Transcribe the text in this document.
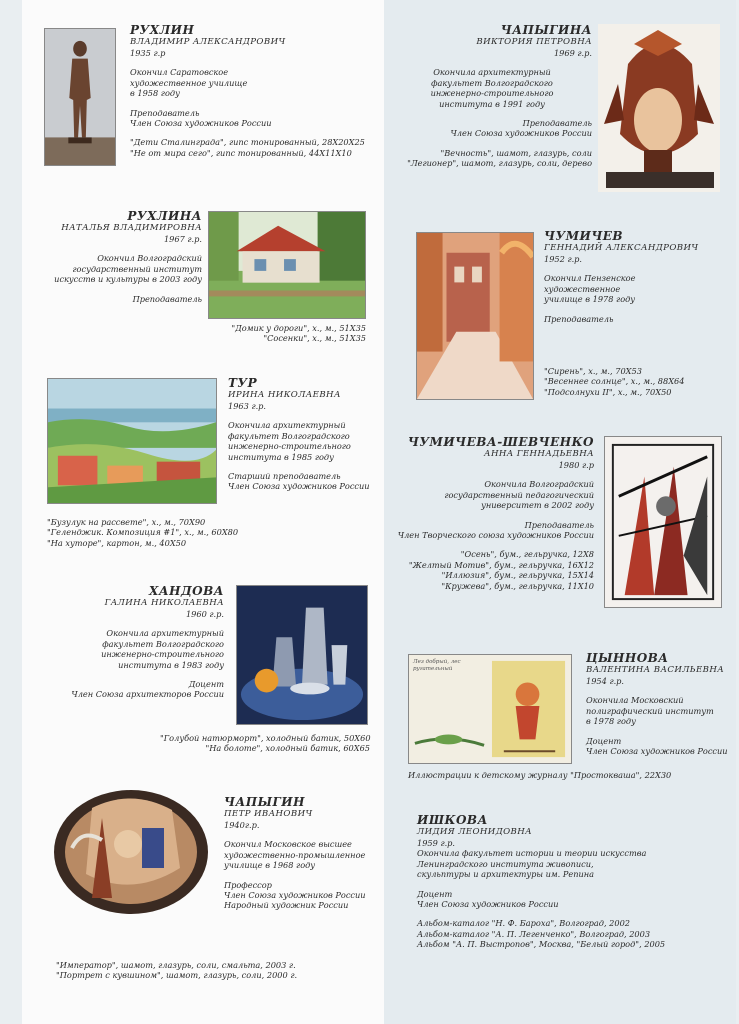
РУХЛИН
ВЛАДИМИР АЛЕКСАНДРОВИЧ
1935 г.р
Окончил Саратовское
художественное училище
в 1958 году
Преподаватель
Член Союза художников России
"Дети Сталинграда", гипс тонированный, 28Х20Х25
"Не от мира сего", гипс тонированный, 44Х11Х10
РУХЛИНА
НАТАЛЬЯ ВЛАДИМИРОВНА
1967 г.р.
Окончил Волгоградский
государственный институт
искусств и культуры в 2003 году
Преподаватель
"Домик у дороги", х., м., 51Х35
"Сосенки", х., м., 51Х35
ТУР
ИРИНА НИКОЛАЕВНА
1963 г.р.
Окончила архитектурный
факультет Волгоградского
инженерно-строительного
института в 1985 году
Старший преподаватель
Член Союза художников России
"Бузулук на рассвете", х., м., 70Х90
"Геленджик. Композиция #1", х., м., 60Х80
"На хуторе", картон, м., 40Х50
ХАНДОВА
ГАЛИНА НИКОЛАЕВНА
1960 г.р.
Окончила архитектурный
факультет Волгоградского
инженерно-строительного
института в 1983 году
Доцент
Член Союза архитекторов России
"Голубой натюрморт", холодный батик, 50Х60
"На болоте", холодный батик, 60Х65
ЧАПЫГИН
ПЕТР ИВАНОВИЧ
1940г.р.
Окончил Московское высшее
художественно-промышленное
училище в 1968 году
Профессор
Член Союза художников России
Народный художник России
"Император", шамот, глазурь, соли, смальта, 2003 г.
"Портрет с кувшином", шамот, глазурь, соли, 2000 г.
ЧАПЫГИНА
ВИКТОРИЯ ПЕТРОВНА
1969 г.р.
Окончила архитектурный
факультет Волгоградского
инженерно-строительного
института в 1991 году
Преподаватель
Член Союза художников России
"Вечность", шамот, глазурь, соли
"Легионер", шамот, глазурь, соли, дерево
ЧУМИЧЕВ
ГЕННАДИЙ АЛЕКСАНДРОВИЧ
1952 г.р.
Окончил Пензенское
художественное
училище в 1978 году
Преподаватель
"Сирень", х., м., 70Х53
"Весеннее солнце", х., м., 88Х64
"Подсолнухи II", х., м., 70Х50
ЧУМИЧЕВА-ШЕВЧЕНКО
АННА ГЕННАДЬЕВНА
1980 г.р
Окончила Волгоградский
государственный педагогический
университет в 2002 году
Преподаватель
Член Творческого союза художников России
"Осень", бум., гельручка, 12Х8
"Желтый Мотив", бум., гельручка, 16Х12
"Иллюзия", бум., гельручка, 15Х14
"Кружева", бум., гельручка, 11Х10
Лез добрый, лес ругательный
ЦЫННОВА
ВАЛЕНТИНА ВАСИЛЬЕВНА
1954 г.р.
Окончила Московский
полиграфический институт
в 1978 году
Доцент
Член Союза художников России
Иллюстрации к детскому журналу "Простокваша", 22Х30
ИШКОВА
ЛИДИЯ ЛЕОНИДОВНА
1959 г.р.
Окончила факультет истории и теории искусства
Ленинградского института живописи,
скульптуры и архитектуры им. Репина
Доцент
Член Союза художников России
Альбом-каталог "Н. Ф. Бароха", Волгоград, 2002
Альбом-каталог "А. П. Легенченко", Волгоград, 2003
Альбом "А. П. Выстропов", Москва, "Белый город", 2005
